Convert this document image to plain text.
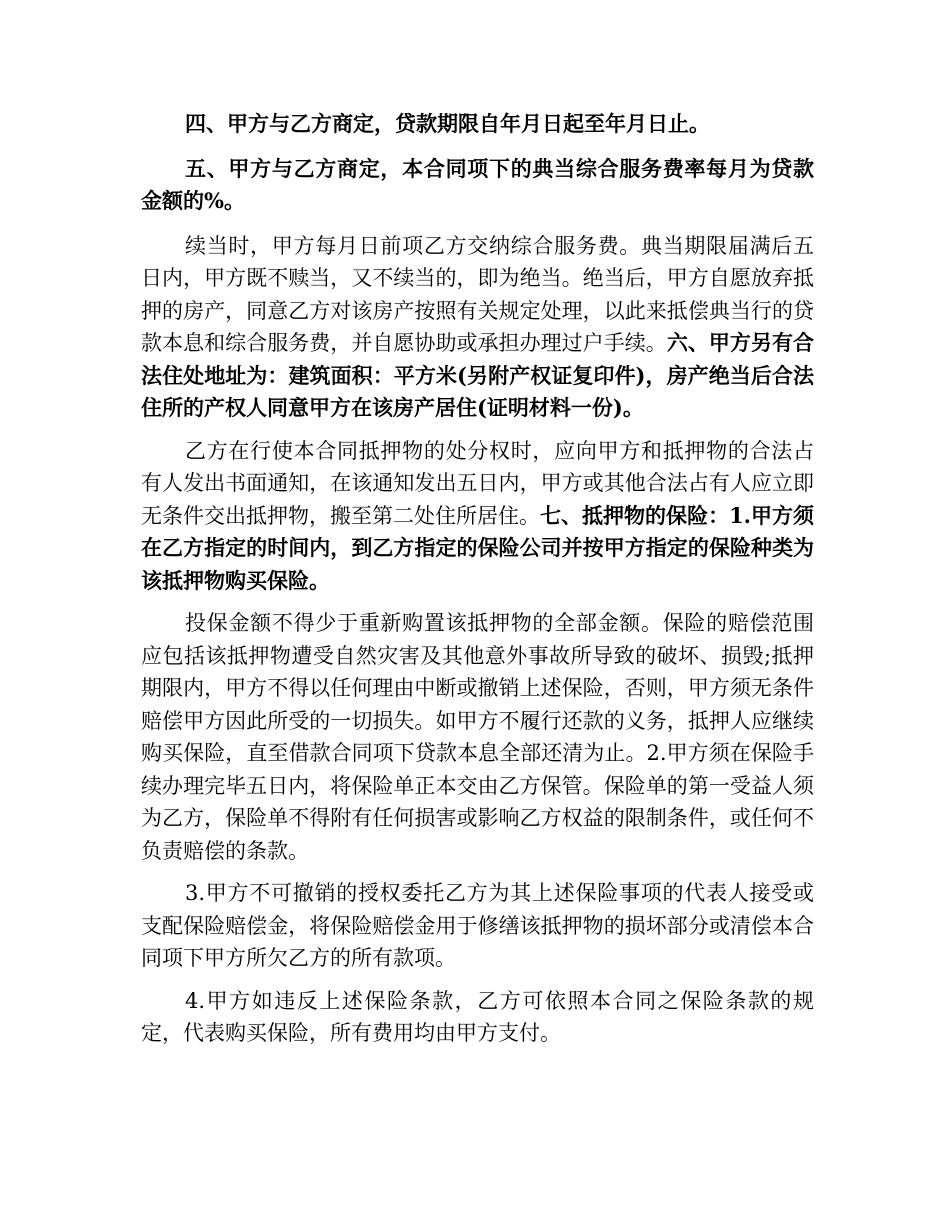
四、甲方与乙方商定，贷款期限自年月日起至年月日止。

五、甲方与乙方商定，本合同项下的典当综合服务费率每月为贷款金额的%。

续当时，甲方每月日前项乙方交纳综合服务费。典当期限届满后五日内，甲方既不赎当，又不续当的，即为绝当。绝当后，甲方自愿放弃抵押的房产，同意乙方对该房产按照有关规定处理，以此来抵偿典当行的贷款本息和综合服务费，并自愿协助或承担办理过户手续。六、甲方另有合法住处地址为：建筑面积：平方米(另附产权证复印件)，房产绝当后合法住所的产权人同意甲方在该房产居住(证明材料一份)。

乙方在行使本合同抵押物的处分权时，应向甲方和抵押物的合法占有人发出书面通知，在该通知发出五日内，甲方或其他合法占有人应立即无条件交出抵押物，搬至第二处住所居住。七、抵押物的保险：1.甲方须在乙方指定的时间内，到乙方指定的保险公司并按甲方指定的保险种类为该抵押物购买保险。

投保金额不得少于重新购置该抵押物的全部金额。保险的赔偿范围应包括该抵押物遭受自然灾害及其他意外事故所导致的破坏、损毁;抵押期限内，甲方不得以任何理由中断或撤销上述保险，否则，甲方须无条件赔偿甲方因此所受的一切损失。如甲方不履行还款的义务，抵押人应继续购买保险，直至借款合同项下贷款本息全部还清为止。2.甲方须在保险手续办理完毕五日内，将保险单正本交由乙方保管。保险单的第一受益人须为乙方，保险单不得附有任何损害或影响乙方权益的限制条件，或任何不负责赔偿的条款。

3.甲方不可撤销的授权委托乙方为其上述保险事项的代表人接受或支配保险赔偿金，将保险赔偿金用于修缮该抵押物的损坏部分或清偿本合同项下甲方所欠乙方的所有款项。

4.甲方如违反上述保险条款，乙方可依照本合同之保险条款的规定，代表购买保险，所有费用均由甲方支付。
